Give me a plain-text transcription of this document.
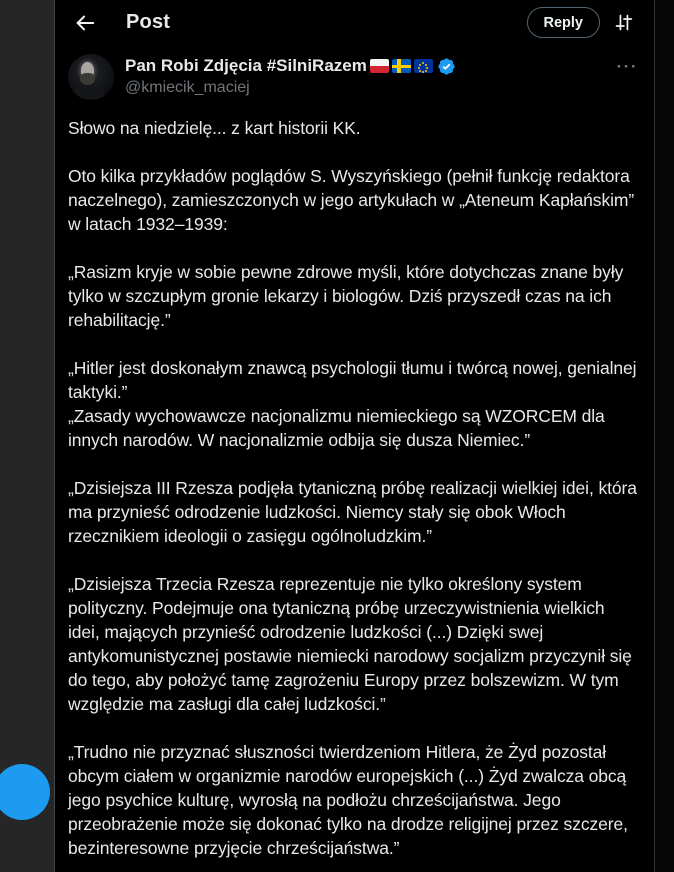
Post	Reply
Pan Robi Zdjęcia #SilniRazem
@kmiecik_maciej
···

Słowo na niedzielę... z kart historii KK.

Oto kilka przykładów poglądów S. Wyszyńskiego (pełnił funkcję redaktora naczelnego), zamieszczonych w jego artykułach w „Ateneum Kapłańskim” w latach 1932–1939:

„Rasizm kryje w sobie pewne zdrowe myśli, które dotychczas znane były tylko w szczupłym gronie lekarzy i biologów. Dziś przyszedł czas na ich rehabilitację.”

„Hitler jest doskonałym znawcą psychologii tłumu i twórcą nowej, genialnej taktyki.”
„Zasady wychowawcze nacjonalizmu niemieckiego są WZORCEM dla innych narodów. W nacjonalizmie odbija się dusza Niemiec.”

„Dzisiejsza III Rzesza podjęła tytaniczną próbę realizacji wielkiej idei, która ma przynieść odrodzenie ludzkości. Niemcy stały się obok Włoch rzecznikiem ideologii o zasięgu ogólnoludzkim.”

„Dzisiejsza Trzecia Rzesza reprezentuje nie tylko określony system polityczny. Podejmuje ona tytaniczną próbę urzeczywistnienia wielkich idei, mających przynieść odrodzenie ludzkości (...) Dzięki swej antykomunistycznej postawie niemiecki narodowy socjalizm przyczynił się do tego, aby położyć tamę zagrożeniu Europy przez bolszewizm. W tym względzie ma zasługi dla całej ludzkości.”

„Trudno nie przyznać słuszności twierdzeniom Hitlera, że Żyd pozostał obcym ciałem w organizmie narodów europejskich (...) Żyd zwalcza obcą jego psychice kulturę, wyrosłą na podłożu chrześcijaństwa. Jego przeobrażenie może się dokonać tylko na drodze religijnej przez szczere, bezinteresowne przyjęcie chrześcijaństwa.”
